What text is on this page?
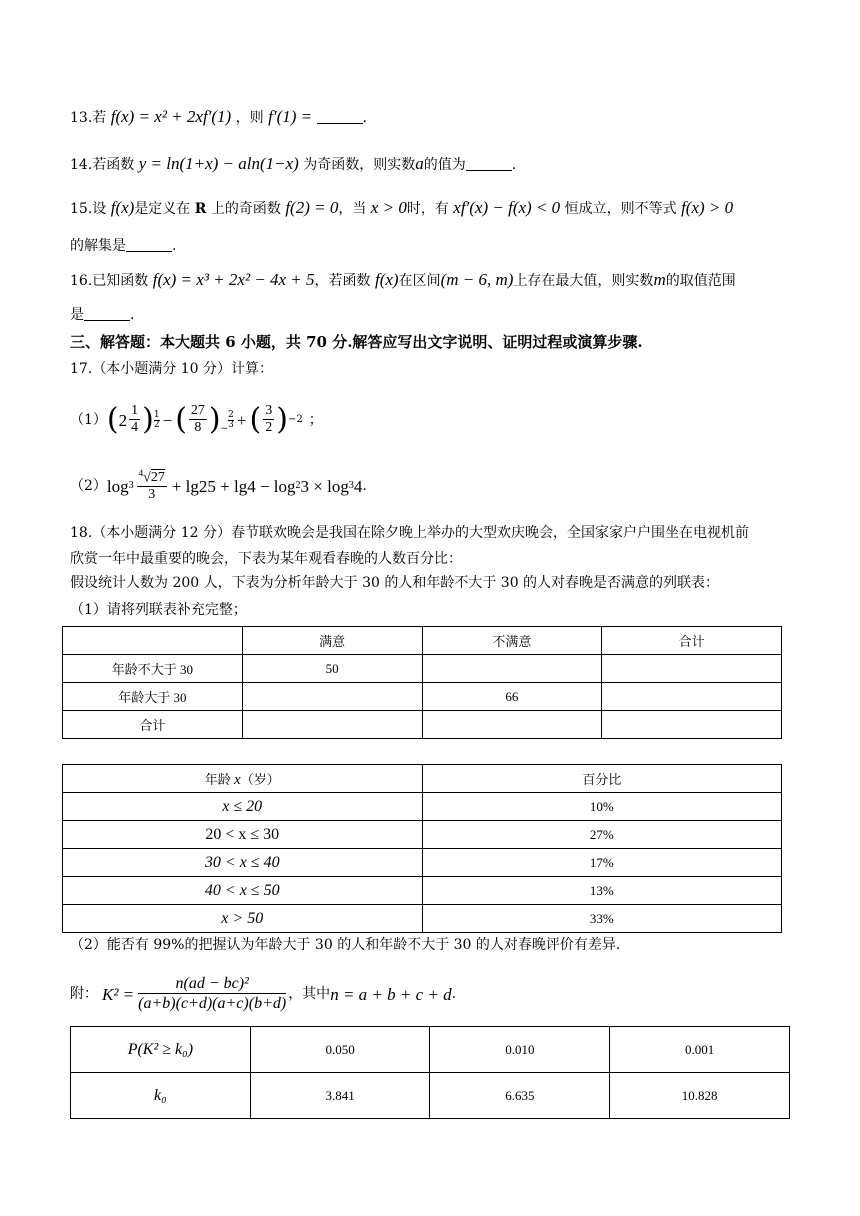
13.若 f(x) = x² + 2xf′(1) ，则 f′(1) =	.
14.若函数 y = ln(1+x) − aln(1−x) 为奇函数，则实数a的值为	.
15.设 f(x)是定义在 R 上的奇函数 f(2) = 0，当 x > 0时，有 xf′(x) − f(x) < 0 恒成立，则不等式 f(x) > 0
的解集是	.
16.已知函数 f(x) = x³ + 2x² − 4x + 5，若函数 f(x)在区间(m − 6, m)上存在最大值，则实数m的取值范围
是	.
三、解答题：本大题共 6 小题，共 70 分.解答应写出文字说明、证明过程或演算步骤.
17.（本小题满分 10 分）计算：
（1） ( $2 \frac{1}{4}$ ) 1
2 − ( $\frac{27}{8}$ ) − $\frac{2}{3}$ + ( $\frac{3}{2}$ ) −2 ；
（2） $\log 3 \frac{^4√27}{3} + \lg 25 + \lg 4 - \log 2$ 3 × log 3 4 .
18.（本小题满分 12 分）春节联欢晚会是我国在除夕晚上举办的大型欢庆晚会，全国家家户户围坐在电视机前
欣赏一年中最重要的晚会，下表为某年观看春晚的人数百分比：
假设统计人数为 200 人，下表为分析年龄大于 30 的人和年龄不大于 30 的人对春晚是否满意的列联表：
（1）请将列联表补充完整；
	满意	不满意	合计
年龄不大于 30	50		
年龄大于 30		66	
合计			
年龄 x（岁）	百分比
x ≤ 20	10%
20 < x ≤ 30	27%
30 < x ≤ 40	17%
40 < x ≤ 50	13%
x > 50	33%
（2）能否有 99%的把握认为年龄大于 30 的人和年龄不大于 30 的人对春晚评价有差异.
附： $K^2 = \frac{\text{n(ad − bc)²}}{(a+b)(c+d)(a+c)(b+d)}$ ，其中 n = a + b + c + d .
P(K² ≥ k₀)	0.050	0.010	0.001
k₀	3.841	6.635	10.828
